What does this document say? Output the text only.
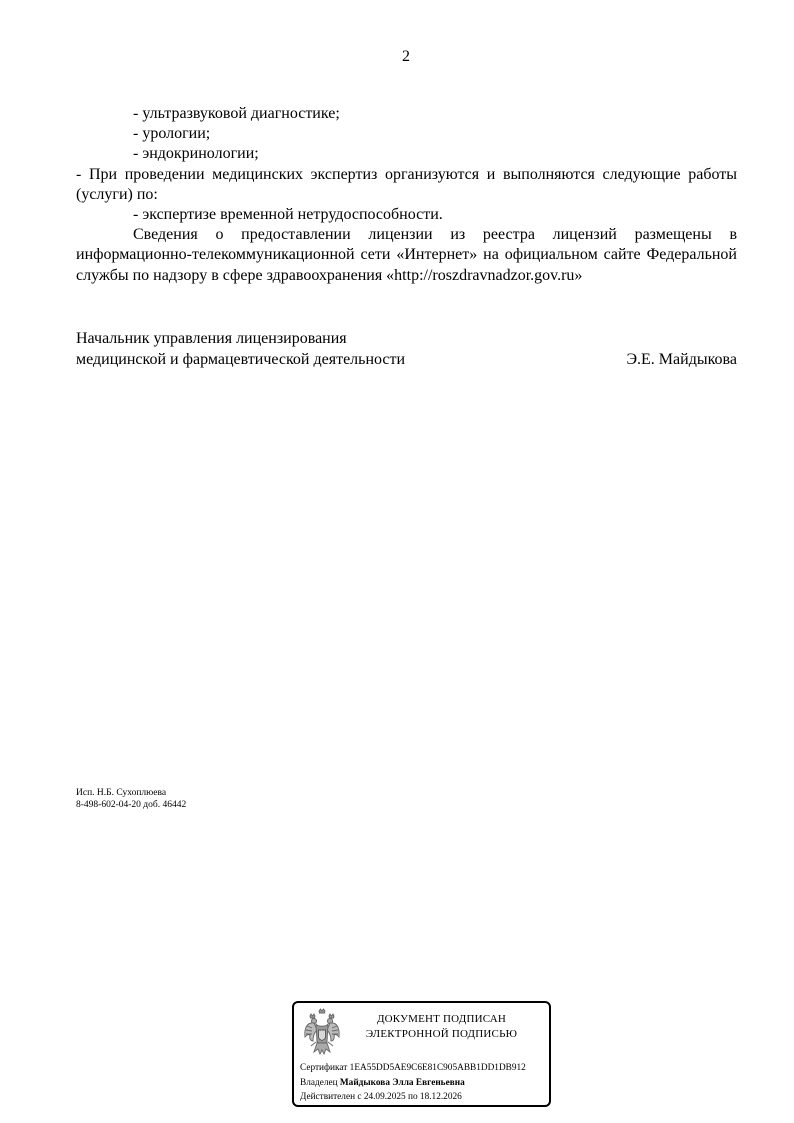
2

- ультразвуковой диагностике;

- урологии;

- эндокринологии;

- При проведении медицинских экспертиз организуются и выполняются следующие работы (услуги) по:

- экспертизе временной нетрудоспособности.

Сведения о предоставлении лицензии из реестра лицензий размещены в информационно-телекоммуникационной сети «Интернет» на официальном сайте Федеральной службы по надзору в сфере здравоохранения «http://roszdravnadzor.gov.ru»

Начальник управления лицензирования

медицинской и фармацевтической деятельности	Э.Е. Майдыкова

Исп. Н.Б. Сухоплюева

8-498-602-04-20 доб. 46442

ДОКУМЕНТ ПОДПИСАН

ЭЛЕКТРОННОЙ ПОДПИСЬЮ

Сертификат 1EA55DD5AE9C6E81C905ABB1DD1DB912

Владелец Майдыкова Элла Евгеньевна

Действителен с 24.09.2025 по 18.12.2026
